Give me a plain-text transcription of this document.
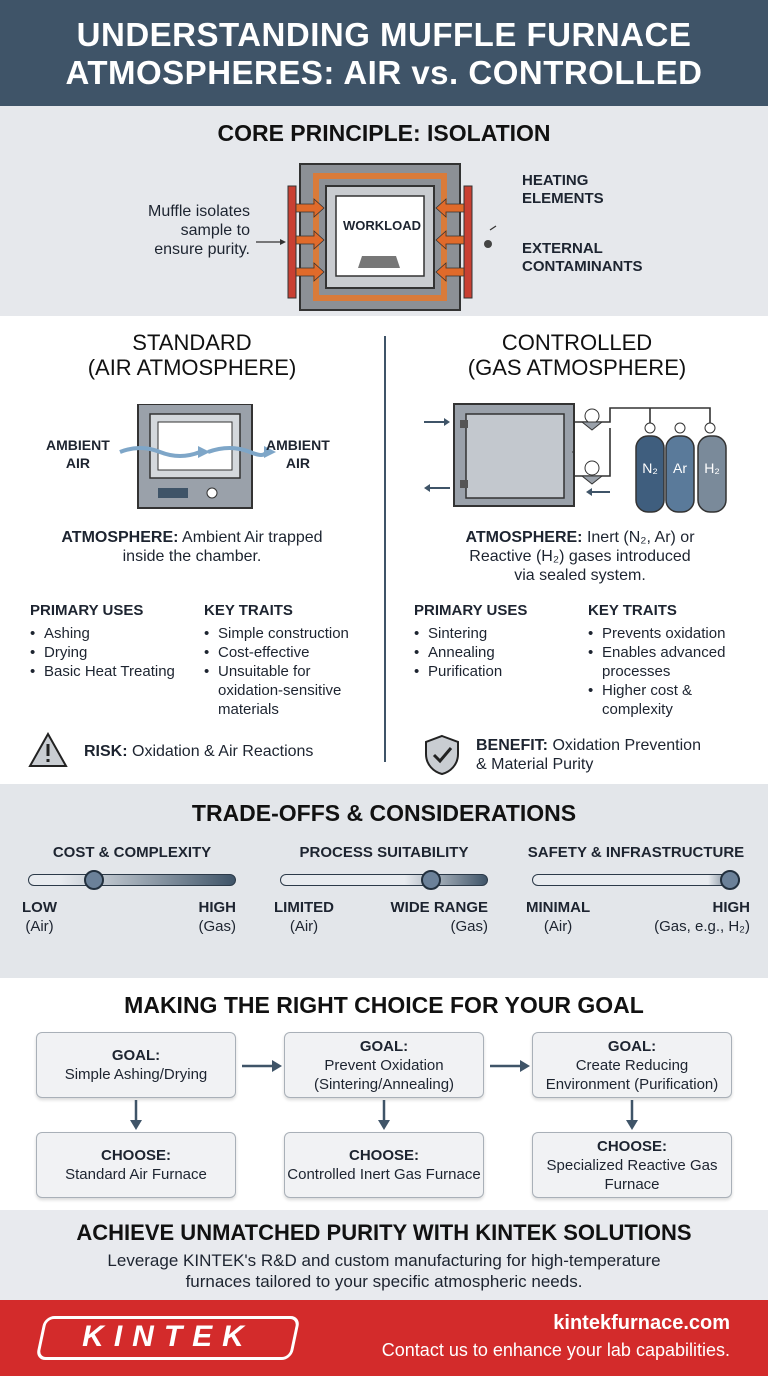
UNDERSTANDING MUFFLE FURNACE
ATMOSPHERES: AIR vs. CONTROLLED
CORE PRINCIPLE: ISOLATION
Muffle isolates
sample to
ensure purity.
WORKLOAD
HEATING
ELEMENTS
EXTERNAL
CONTAMINANTS
STANDARD
(AIR ATMOSPHERE)
AMBIENT
AIR
AMBIENT
AIR
ATMOSPHERE: Ambient Air trapped
inside the chamber.
PRIMARY USES
• Ashing
• Drying
• Basic Heat Treating
KEY TRAITS
• Simple construction
• Cost-effective
• Unsuitable for oxidation-sensitive materials
RISK: Oxidation & Air Reactions
CONTROLLED
(GAS ATMOSPHERE)
N₂	Ar	H₂
ATMOSPHERE: Inert (N₂, Ar) or
Reactive (H₂) gases introduced
via sealed system.
PRIMARY USES
• Sintering
• Annealing
• Purification
KEY TRAITS
• Prevents oxidation
• Enables advanced processes
• Higher cost & complexity
BENEFIT: Oxidation Prevention
& Material Purity
TRADE-OFFS & CONSIDERATIONS
COST & COMPLEXITY
LOW
(Air)
HIGH
(Gas)
PROCESS SUITABILITY
LIMITED
(Air)
WIDE RANGE
(Gas)
SAFETY & INFRASTRUCTURE
MINIMAL
(Air)
HIGH
(Gas, e.g., H₂)
MAKING THE RIGHT CHOICE FOR YOUR GOAL
GOAL:
Simple Ashing/Drying
CHOOSE:
Standard Air Furnace
GOAL:
Prevent Oxidation (Sintering/Annealing)
CHOOSE:
Controlled Inert Gas Furnace
GOAL:
Create Reducing Environment (Purification)
CHOOSE:
Specialized Reactive Gas Furnace
ACHIEVE UNMATCHED PURITY WITH KINTEK SOLUTIONS
Leverage KINTEK's R&D and custom manufacturing for high-temperature
furnaces tailored to your specific atmospheric needs.
KINTEK	kintekfurnace.com
Contact us to enhance your lab capabilities.
